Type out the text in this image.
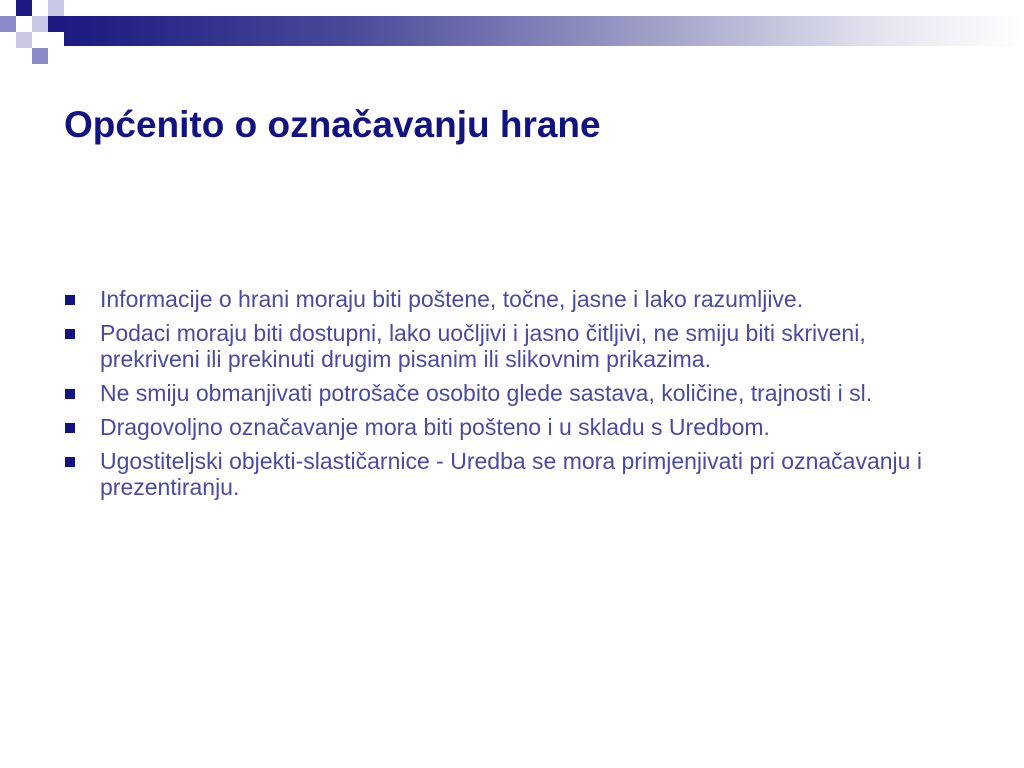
Općenito o označavanju hrane
Informacije o hrani moraju biti poštene, točne, jasne i lako razumljive.
Podaci moraju biti dostupni, lako uočljivi i jasno čitljivi, ne smiju biti skriveni, prekriveni ili prekinuti drugim pisanim ili slikovnim prikazima.
Ne smiju obmanjivati potrošače osobito glede sastava, količine, trajnosti i sl.
Dragovoljno označavanje mora biti pošteno i u skladu s Uredbom.
Ugostiteljski objekti-slastičarnice - Uredba se mora primjenjivati pri označavanju i prezentiranju.
